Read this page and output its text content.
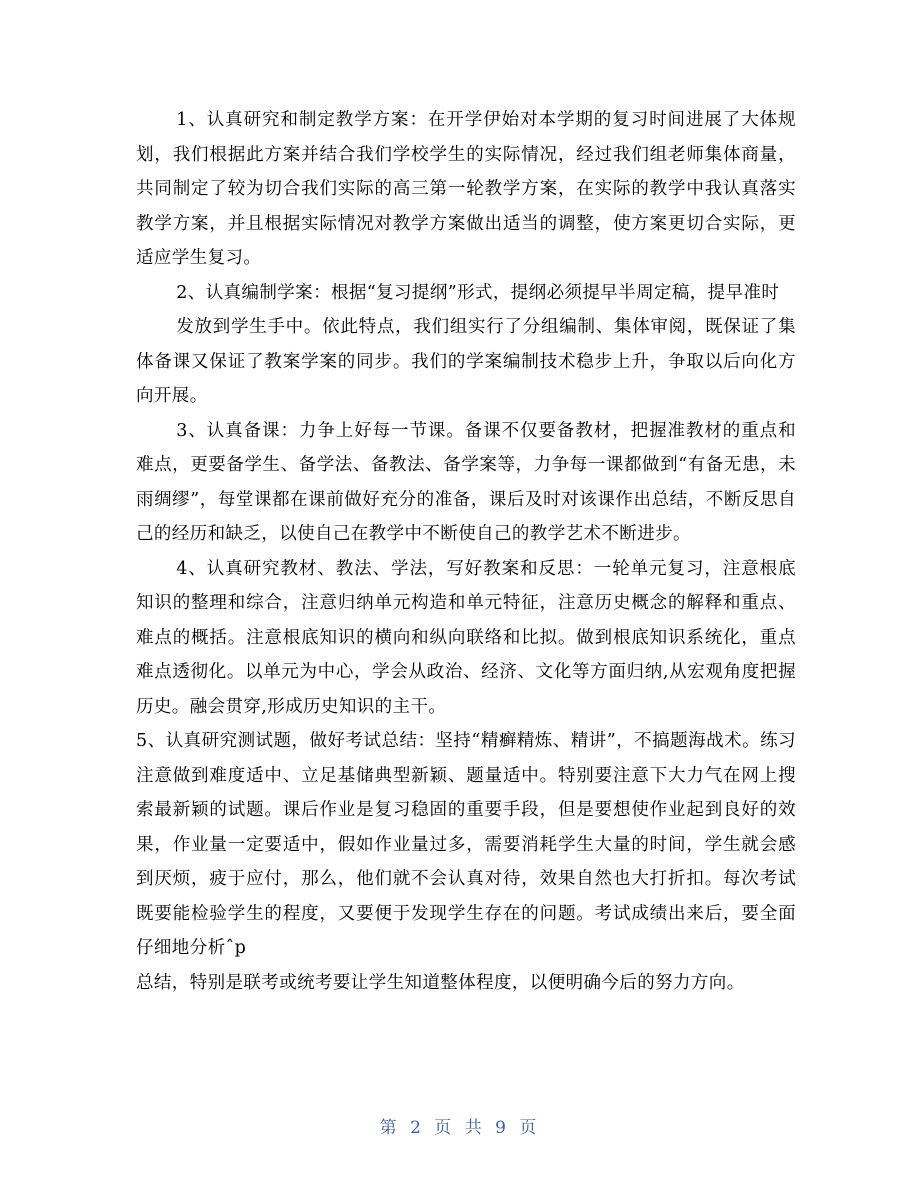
1、认真研究和制定教学方案：在开学伊始对本学期的复习时间进展了大体规划，我们根据此方案并结合我们学校学生的实际情况，经过我们组老师集体商量，共同制定了较为切合我们实际的高三第一轮教学方案，在实际的教学中我认真落实教学方案，并且根据实际情况对教学方案做出适当的调整，使方案更切合实际，更适应学生复习。

2、认真编制学案：根据“复习提纲”形式，提纲必须提早半周定稿，提早准时

发放到学生手中。依此特点，我们组实行了分组编制、集体审阅，既保证了集体备课又保证了教案学案的同步。我们的学案编制技术稳步上升，争取以后向化方向开展。

3、认真备课：力争上好每一节课。备课不仅要备教材，把握准教材的重点和难点，更要备学生、备学法、备教法、备学案等，力争每一课都做到“有备无患，未雨绸缪”，每堂课都在课前做好充分的准备，课后及时对该课作出总结，不断反思自己的经历和缺乏，以使自己在教学中不断使自己的教学艺术不断进步。

4、认真研究教材、教法、学法，写好教案和反思：一轮单元复习，注意根底知识的整理和综合，注意归纳单元构造和单元特征，注意历史概念的解释和重点、难点的概括。注意根底知识的横向和纵向联络和比拟。做到根底知识系统化，重点难点透彻化。以单元为中心，学会从政治、经济、文化等方面归纳,从宏观角度把握历史。融会贯穿,形成历史知识的主干。

5、认真研究测试题，做好考试总结：坚持“精癣精炼、精讲”，不搞题海战术。练习注意做到难度适中、立足基储典型新颖、题量适中。特别要注意下大力气在网上搜索最新颖的试题。课后作业是复习稳固的重要手段，但是要想使作业起到良好的效果，作业量一定要适中，假如作业量过多，需要消耗学生大量的时间，学生就会感到厌烦，疲于应付，那么，他们就不会认真对待，效果自然也大打折扣。每次考试既要能检验学生的程度，又要便于发现学生存在的问题。考试成绩出来后，要全面仔细地分析ˆp

总结，特别是联考或统考要让学生知道整体程度，以便明确今后的努力方向。

第 2 页 共 9 页
